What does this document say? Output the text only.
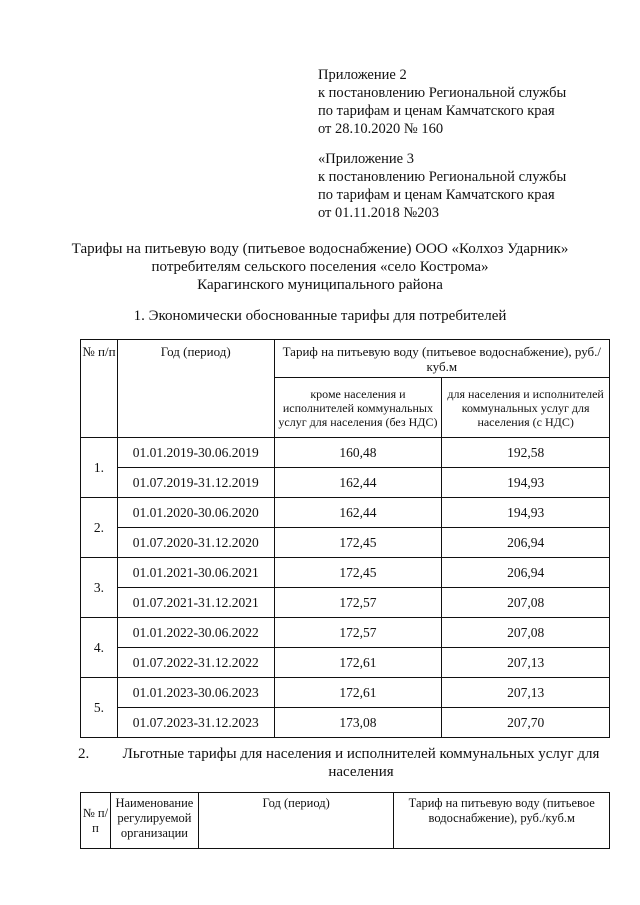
Приложение 2
к постановлению Региональной службы
по тарифам и ценам Камчатского края
от 28.10.2020 № 160
«Приложение 3
к постановлению Региональной службы
по тарифам и ценам Камчатского края
от 01.11.2018 №203
Тарифы на питьевую воду (питьевое водоснабжение) ООО «Колхоз Ударник»
потребителям сельского поселения «село Кострома»
Карагинского муниципального района
1. Экономически обоснованные тарифы для потребителей
№ п/п	Год (период)	Тариф на питьевую воду (питьевое водоснабжение), руб./куб.м	
		кроме населения и исполнителей коммунальных услуг для населения (без НДС)	для населения и исполнителей коммунальных услуг для населения (с НДС)
1.	01.01.2019-30.06.2019	160,48	192,58
	01.07.2019-31.12.2019	162,44	194,93
2.	01.01.2020-30.06.2020	162,44	194,93
	01.07.2020-31.12.2020	172,45	206,94
3.	01.01.2021-30.06.2021	172,45	206,94
	01.07.2021-31.12.2021	172,57	207,08
4.	01.01.2022-30.06.2022	172,57	207,08
	01.07.2022-31.12.2022	172,61	207,13
5.	01.01.2023-30.06.2023	172,61	207,13
	01.07.2023-31.12.2023	173,08	207,70
2.	Льготные тарифы для населения и исполнителей коммунальных услуг для населения
№ п/п	Наименование регулируемой организации	Год (период)	Тариф на питьевую воду (питьевое водоснабжение), руб./куб.м
